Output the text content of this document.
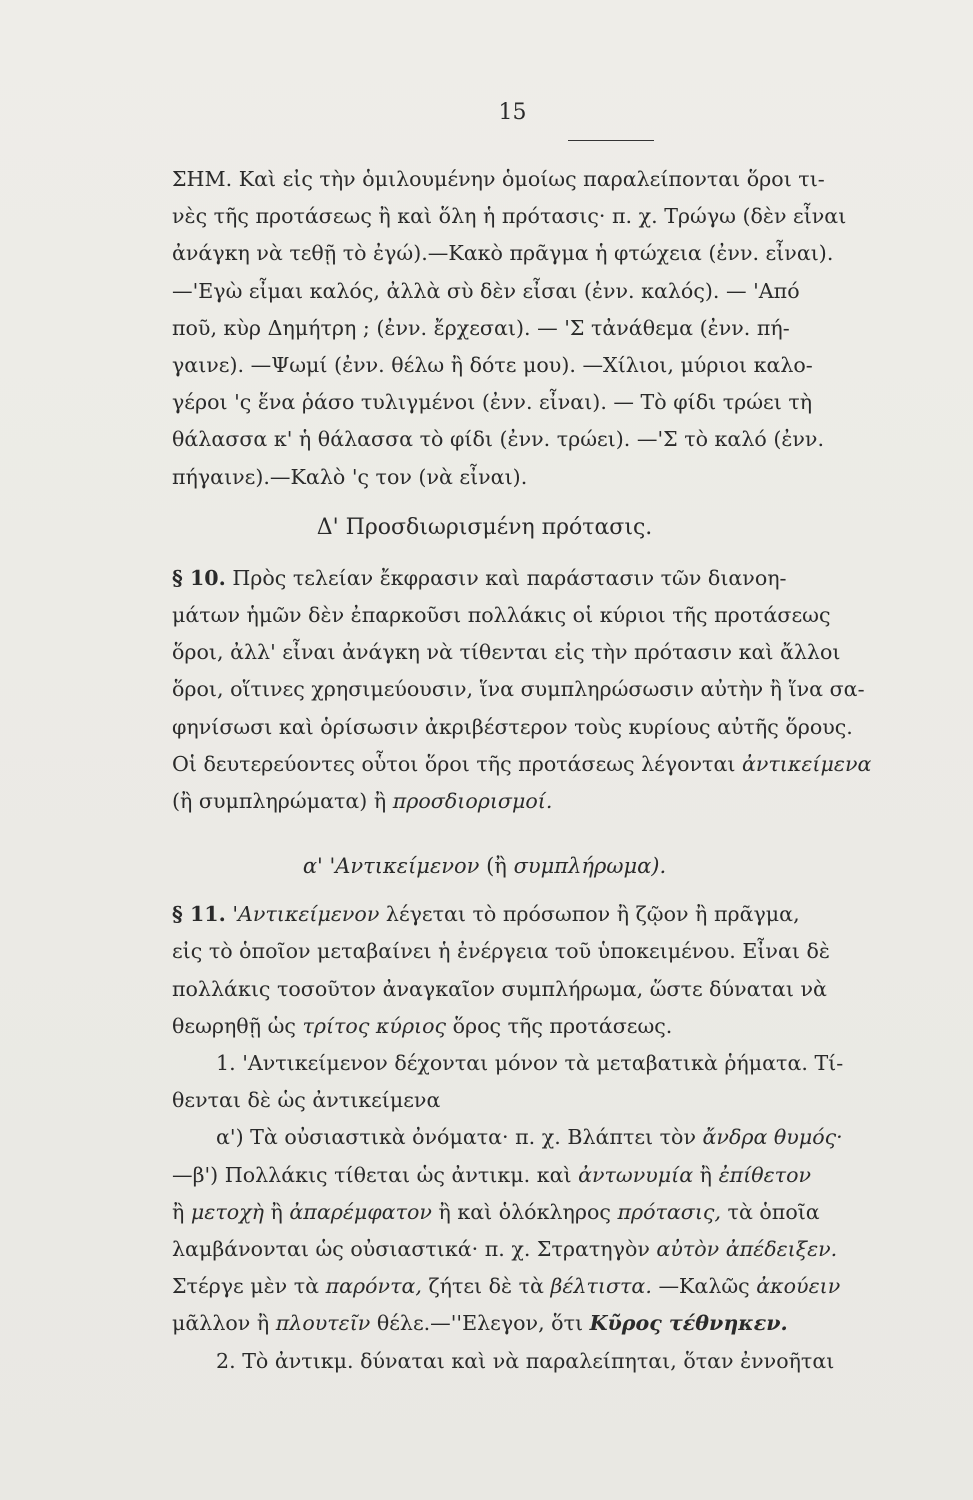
15
ΣΗΜ. Καὶ εἰς τὴν ὁμιλουμένην ὁμοίως παραλείπονται ὅροι τι-
νὲς τῆς προτάσεως ἢ καὶ ὅλη ἡ πρότασις· π. χ. Τρώγω (δὲν εἶναι
ἀνάγκη νὰ τεθῇ τὸ ἐγώ).—Κακὸ πρᾶγμα ἡ φτώχεια (ἐνν. εἶναι).
—'Εγὼ εἶμαι καλός, ἀλλὰ σὺ δὲν εἶσαι (ἐνν. καλός). — 'Από
ποῦ, κὺρ Δημήτρη ; (ἐνν. ἔρχεσαι). — 'Σ τἀνάθεμα (ἐνν. πή-
γαινε). —Ψωμί (ἐνν. θέλω ἢ δότε μου). —Χίλιοι, μύριοι καλο-
γέροι 'ς ἕνα ῥάσο τυλιγμένοι (ἐνν. εἶναι). — Τὸ φίδι τρώει τὴ
θάλασσα κ' ἡ θάλασσα τὸ φίδι (ἐνν. τρώει). —'Σ τὸ καλό (ἐνν.
πήγαινε).—Καλὸ 'ς τον (νὰ εἶναι).
Δ' Προσδιωρισμένη πρότασις.
§ 10. Πρὸς τελείαν ἔκφρασιν καὶ παράστασιν τῶν διανοη-
μάτων ἡμῶν δὲν ἐπαρκοῦσι πολλάκις οἱ κύριοι τῆς προτάσεως
ὅροι, ἀλλ' εἶναι ἀνάγκη νὰ τίθενται εἰς τὴν πρότασιν καὶ ἄλλοι
ὅροι, οἵτινες χρησιμεύουσιν, ἵνα συμπληρώσωσιν αὐτὴν ἢ ἵνα σα-
φηνίσωσι καὶ ὁρίσωσιν ἀκριβέστερον τοὺς κυρίους αὐτῆς ὅρους.
Οἱ δευτερεύοντες οὗτοι ὅροι τῆς προτάσεως λέγονται ἀντικείμενα
(ἢ συμπληρώματα) ἢ προσδιορισμοί.
α' 'Αντικείμενον (ἢ συμπλήρωμα).
§ 11. 'Αντικείμενον λέγεται τὸ πρόσωπον ἢ ζῷον ἢ πρᾶγμα,
εἰς τὸ ὁποῖον μεταβαίνει ἡ ἐνέργεια τοῦ ὑποκειμένου. Εἶναι δὲ
πολλάκις τοσοῦτον ἀναγκαῖον συμπλήρωμα, ὥστε δύναται νὰ
θεωρηθῇ ὡς τρίτος κύριος ὅρος τῆς προτάσεως.
1. 'Αντικείμενον δέχονται μόνον τὰ μεταβατικὰ ῥήματα. Τί-
θενται δὲ ὡς ἀντικείμενα
α') Τὰ οὐσιαστικὰ ὀνόματα· π. χ. Βλάπτει τὸν ἄνδρα θυμός·
—β') Πολλάκις τίθεται ὡς ἀντικμ. καὶ ἀντωνυμία ἢ ἐπίθετον
ἢ μετοχὴ ἢ ἀπαρέμφατον ἢ καὶ ὁλόκληρος πρότασις, τὰ ὁποῖα
λαμβάνονται ὡς οὐσιαστικά· π. χ. Στρατηγὸν αὐτὸν ἀπέδειξεν.
Στέργε μὲν τὰ παρόντα, ζήτει δὲ τὰ βέλτιστα. —Καλῶς ἀκούειν
μᾶλλον ἢ πλουτεῖν θέλε.—''Ελεγον, ὅτι Κῦρος τέθνηκεν.
2. Τὸ ἀντικμ. δύναται καὶ νὰ παραλείπηται, ὅταν ἐννοῆται
